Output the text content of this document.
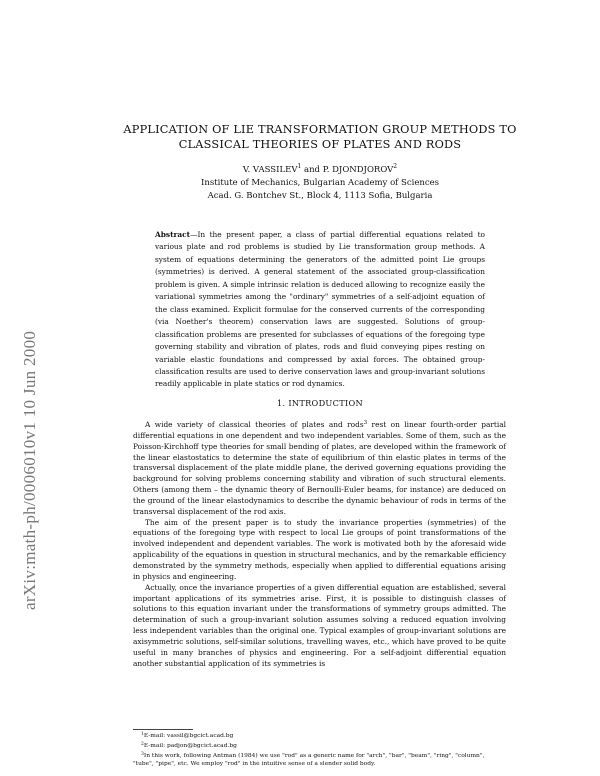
arXiv:math-ph/0006010v1 10 Jun 2000
APPLICATION OF LIE TRANSFORMATION GROUP METHODS TO
CLASSICAL THEORIES OF PLATES AND RODS
V. VASSILEV$^1$ and P. DJONDJOROV$^2$
Institute of Mechanics, Bulgarian Academy of Sciences
Acad. G. Bontchev St., Block 4, 1113 Sofia, Bulgaria
Abstract—In the present paper, a class of partial differential equations related to various plate and rod problems is studied by Lie transformation group methods. A system of equations determining the generators of the admitted point Lie groups (symmetries) is derived. A general statement of the associated group-classification problem is given. A simple intrinsic relation is deduced allowing to recognize easily the variational symmetries among the "ordinary" symmetries of a self-adjoint equation of the class examined. Explicit formulae for the conserved currents of the corresponding (via Noether's theorem) conservation laws are suggested. Solutions of group-classification problems are presented for subclasses of equations of the foregoing type governing stability and vibration of plates, rods and fluid conveying pipes resting on variable elastic foundations and compressed by axial forces. The obtained group-classification results are used to derive conservation laws and group-invariant solutions readily applicable in plate statics or rod dynamics.
1. INTRODUCTION

A wide variety of classical theories of plates and rods$^3$ rest on linear fourth-order partial differential equations in one dependent and two independent variables. Some of them, such as the Poisson-Kirchhoff type theories for small bending of plates, are developed within the framework of the linear elastostatics to determine the state of equilibrium of thin elastic plates in terms of the transversal displacement of the plate middle plane, the derived governing equations providing the background for solving problems concerning stability and vibration of such structural elements. Others (among them – the dynamic theory of Bernoulli-Euler beams, for instance) are deduced on the ground of the linear elastodynamics to describe the dynamic behaviour of rods in terms of the transversal displacement of the rod axis.

The aim of the present paper is to study the invariance properties (symmetries) of the equations of the foregoing type with respect to local Lie groups of point transformations of the involved independent and dependent variables. The work is motivated both by the aforesaid wide applicability of the equations in question in structural mechanics, and by the remarkable efficiency demonstrated by the symmetry methods, especially when applied to differential equations arising in physics and engineering.

Actually, once the invariance properties of a given differential equation are established, several important applications of its symmetries arise. First, it is possible to distinguish classes of solutions to this equation invariant under the transformations of symmetry groups admitted. The determination of such a group-invariant solution assumes solving a reduced equation involving less independent variables than the original one. Typical examples of group-invariant solutions are axisymmetric solutions, self-similar solutions, travelling waves, etc., which have proved to be quite useful in many branches of physics and engineering. For a self-adjoint differential equation another substantial application of its symmetries is

$^1$E-mail: vassil@bgcict.acad.bg

$^2$E-mail: padjon@bgcict.acad.bg

$^3$In this work, following Antman (1984) we use "rod" as a generic name for "arch", "bar", "beam", "ring", "column", "tube", "pipe", etc. We employ "rod" in the intuitive sense of a slender solid body.
